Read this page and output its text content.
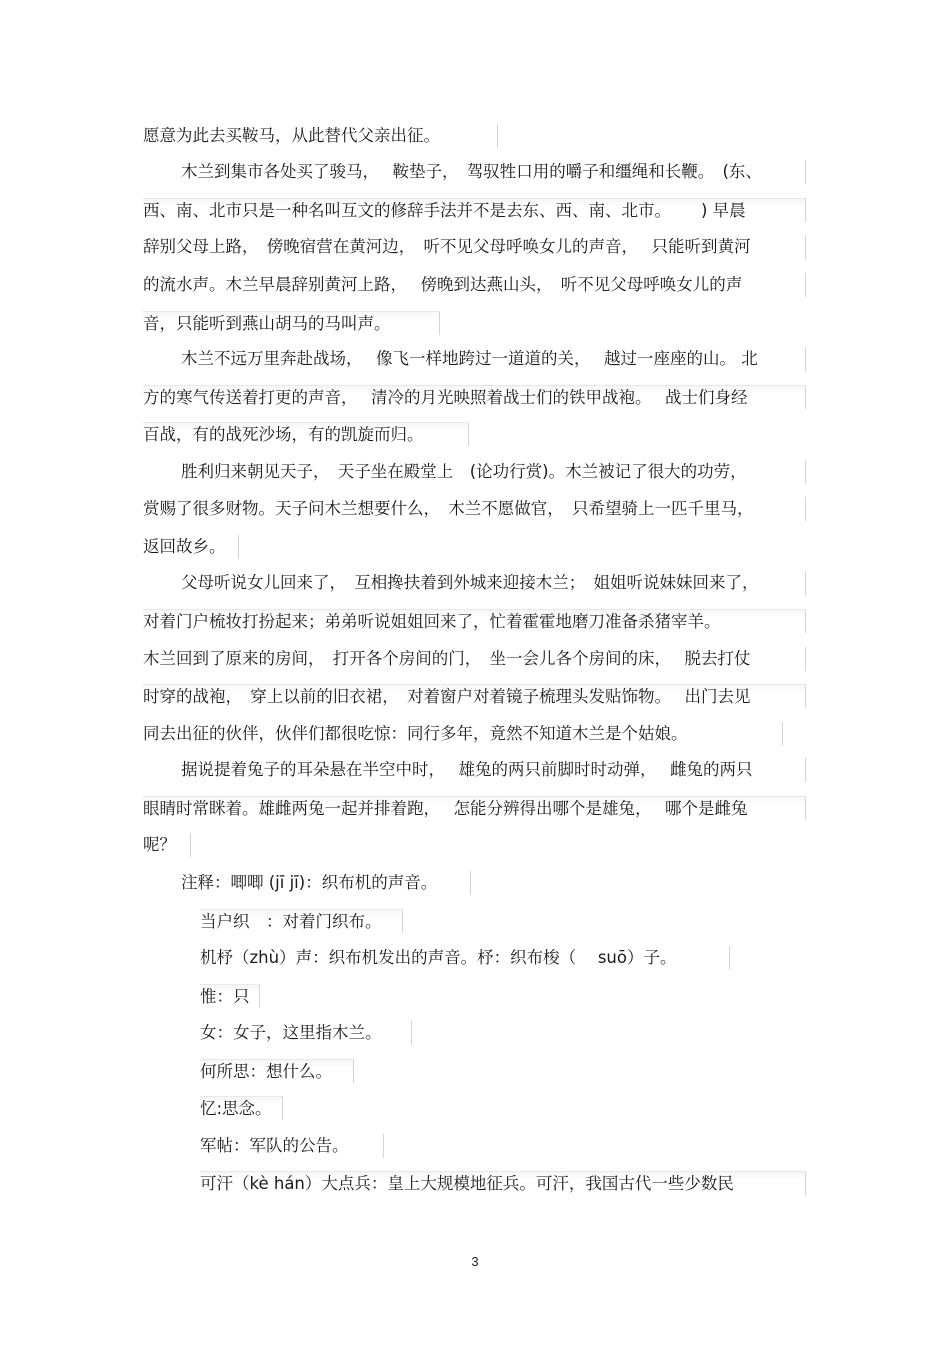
愿意为此去买鞍马，从此替代父亲出征。
木兰到集市各处买了骏马，　 鞍垫子，　驾驭牲口用的嚼子和缰绳和长鞭。　(东、
西、南、北市只是一种名叫互文的修辞手法并不是去东、西、南、北市。　　 ) 早晨
辞别父母上路，　傍晚宿营在黄河边，　听不见父母呼唤女儿的声音，　 只能听到黄河
的流水声。木兰早晨辞别黄河上路，　 傍晚到达燕山头，　听不见父母呼唤女儿的声
音，只能听到燕山胡马的马叫声。
木兰不远万里奔赴战场，　 像飞一样地跨过一道道的关，　 越过一座座的山。 北
方的寒气传送着打更的声音，　 清冷的月光映照着战士们的铁甲战袍。　 战士们身经
百战，有的战死沙场，有的凯旋而归。
胜利归来朝见天子，　天子坐在殿堂上　(论功行赏)。木兰被记了很大的功劳，
赏赐了很多财物。天子问木兰想要什么，　木兰不愿做官，　只希望骑上一匹千里马，
返回故乡。
父母听说女儿回来了，　互相搀扶着到外城来迎接木兰；　姐姐听说妹妹回来了，
对着门户梳妆打扮起来；弟弟听说姐姐回来了，忙着霍霍地磨刀准备杀猪宰羊。
木兰回到了原来的房间，　打开各个房间的门，　坐一会儿各个房间的床，　 脱去打仗
时穿的战袍，　穿上以前的旧衣裙，　对着窗户对着镜子梳理头发贴饰物。　 出门去见
同去出征的伙伴，伙伴们都很吃惊：同行多年，竟然不知道木兰是个姑娘。
据说提着兔子的耳朵悬在半空中时，　 雄兔的两只前脚时时动弹，　 雌兔的两只
眼睛时常眯着。雄雌两兔一起并排着跑，　 怎能分辨得出哪个是雄兔，　 哪个是雌兔
呢？
注释：唧唧 (jī jī)：织布机的声音。
当户织　：对着门织布。
机杼（zhù）声：织布机发出的声音。杼：织布梭（　 suō）子。
惟：只
女：女子，这里指木兰。
何所思：想什么。
忆:思念。
军帖：军队的公告。
可汗（kè hán）大点兵：皇上大规模地征兵。可汗，我国古代一些少数民
3
